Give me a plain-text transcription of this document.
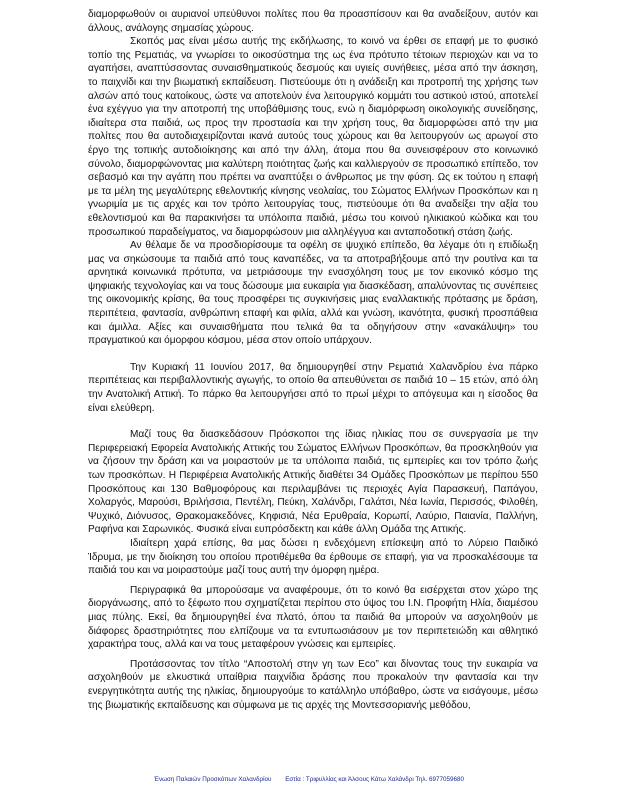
διαμορφωθούν οι αυριανοί υπεύθυνοι πολίτες που θα προασπίσουν και θα αναδείξουν, αυτόν και άλλους, ανάλογης σημασίας χώρους.

Σκοπός μας είναι μέσω αυτής της εκδήλωσης, το κοινό να έρθει σε επαφή με το φυσικό τοπίο της Ρεματιάς, να γνωρίσει το οικοσύστημα της ως ένα πρότυπο τέτοιων περιοχών και να το αγαπήσει, αναπτύσσοντας συναισθηματικούς δεσμούς και υγιείς συνήθειες, μέσα από την άσκηση, το παιχνίδι και την βιωματική εκπαίδευση. Πιστεύουμε ότι η ανάδειξη και προτροπή της χρήσης των αλσών από τους κατοίκους, ώστε να αποτελούν ένα λειτουργικό κομμάτι του αστικού ιστού, αποτελεί ένα εχέγγυο για την αποτροπή της υποβάθμισης τους, ενώ η διαμόρφωση οικολογικής συνείδησης, ιδιαίτερα στα παιδιά, ως προς την προστασία και την χρήση τους, θα διαμορφώσει από την μια πολίτες που θα αυτοδιαχειρίζονται ικανά αυτούς τους χώρους και θα λειτουργούν ως αρωγοί στο έργο της τοπικής αυτοδιοίκησης και από την άλλη, άτομα που θα συνεισφέρουν στο κοινωνικό σύνολο, διαμορφώνοντας μια καλύτερη ποιότητας ζωής και καλλιεργούν σε προσωπικό επίπεδο, τον σεβασμό και την αγάπη που πρέπει να αναπτύξει ο άνθρωπος με την φύση. Ως εκ τούτου η επαφή με τα μέλη της μεγαλύτερης εθελοντικής κίνησης νεολαίας, του Σώματος Ελλήνων Προσκόπων και η γνωριμία με τις αρχές και τον τρόπο λειτουργίας τους, πιστεύουμε ότι θα αναδείξει την αξία του εθελοντισμού και θα παρακινήσει τα υπόλοιπα παιδιά, μέσω του κοινού ηλικιακού κώδικα και του προσωπικού παραδείγματος, να διαμορφώσουν μια αλληλέγγυα και ανταποδοτική στάση ζωής.

Αν θέλαμε δε να προσδιορίσουμε τα οφέλη σε ψυχικό επίπεδο, θα λέγαμε ότι η επιδίωξη μας να σηκώσουμε τα παιδιά από τους καναπέδες, να τα αποτραβήξουμε από την ρουτίνα και τα αρνητικά κοινωνικά πρότυπα, να μετριάσουμε την ενασχόληση τους με τον εικονικό κόσμο της ψηφιακής τεχνολογίας και να τους δώσουμε μια ευκαιρία για διασκέδαση, απαλύνοντας τις συνέπειες της οικονομικής κρίσης, θα τους προσφέρει τις συγκινήσεις μιας εναλλακτικής πρότασης με δράση, περιπέτεια, φαντασία, ανθρώπινη επαφή και φιλία, αλλά και γνώση, ικανότητα, φυσική προσπάθεια και άμιλλα. Αξίες και συναισθήματα που τελικά θα τα οδηγήσουν στην «ανακάλυψη» του πραγματικού και όμορφου κόσμου, μέσα στον οποίο υπάρχουν.

Την Κυριακή 11 Ιουνίου 2017, θα δημιουργηθεί στην Ρεματιά Χαλανδρίου ένα πάρκο περιπέτειας και περιβαλλοντικής αγωγής, το οποίο θα απευθύνεται σε παιδιά 10 – 15 ετών, από όλη την Ανατολική Αττική. Το πάρκο θα λειτουργήσει από το πρωί μέχρι το απόγευμα και η είσοδος θα είναι ελεύθερη.

Μαζί τους θα διασκεδάσουν Πρόσκοποι της ίδιας ηλικίας που σε συνεργασία με την Περιφερειακή Εφορεία Ανατολικής Αττικής του Σώματος Ελλήνων Προσκόπων, θα προσκληθούν για να ζήσουν την δράση και να μοιραστούν με τα υπόλοιπα παιδιά, τις εμπειρίες και τον τρόπο ζωής των προσκόπων. Η Περιφέρεια Ανατολικής Αττικής διαθέτει 34 Ομάδες Προσκόπων με περίπου 550 Προσκόπους και 130 Βαθμοφόρους και περιλαμβάνει τις περιοχές Αγία Παρασκευή, Παπάγου, Χολαργός, Μαρούσι, Βριλήσσια, Πεντέλη, Πεύκη, Χαλάνδρι, Γαλάτσι, Νέα Ιωνία, Περισσός, Φιλοθέη, Ψυχικό, Διόνυσος, Θρακομακεδόνες, Κηφισιά, Νέα Ερυθραία, Κορωπί, Λαύριο, Παιανία, Παλλήνη, Ραφήνα και Σαρωνικός. Φυσικά είναι ευπρόσδεκτη και κάθε άλλη Ομάδα της Αττικής.

Ιδιαίτερη χαρά επίσης, θα μας δώσει η ενδεχόμενη επίσκεψη από το Λύρειο Παιδικό Ίδρυμα, με την διοίκηση του οποίου προτιθέμεθα θα έρθουμε σε επαφή, για να προσκαλέσουμε τα παιδιά του και να μοιραστούμε μαζί τους αυτή την όμορφη ημέρα.

Περιγραφικά θα μπορούσαμε να αναφέρουμε, ότι το κοινό θα εισέρχεται στον χώρο της διοργάνωσης, από το ξέφωτο που σχηματίζεται περίπου στο ύψος του Ι.Ν. Προφήτη Ηλία, διαμέσου μιας πύλης. Εκεί, θα δημιουργηθεί ένα πλατό, όπου τα παιδιά θα μπορούν να ασχοληθούν με διάφορες δραστηριότητες που ελπίζουμε να τα εντυπωσιάσουν με τον περιπετειώδη και αθλητικό χαρακτήρα τους, αλλά και να τους μεταφέρουν γνώσεις και εμπειρίες.

Προτάσσοντας τον τίτλο “Αποστολή στην γη των Εco” και δίνοντας τους την ευκαιρία να ασχοληθούν με ελκυστικά υπαίθρια παιχνίδια δράσης που προκαλούν την φαντασία και την ενεργητικότητα αυτής της ηλικίας, δημιουργούμε το κατάλληλο υπόβαθρο, ώστε να εισάγουμε, μέσω της βιωματικής εκπαίδευσης και σύμφωνα με τις αρχές της Μοντεσσοριανής μεθόδου,

Ένωση Παλαιών Προσκόπων Χαλανδρίου Εστία : Τριφυλλίας και Άλσους Κάτω Χαλάνδρι Τηλ. 6977059680
